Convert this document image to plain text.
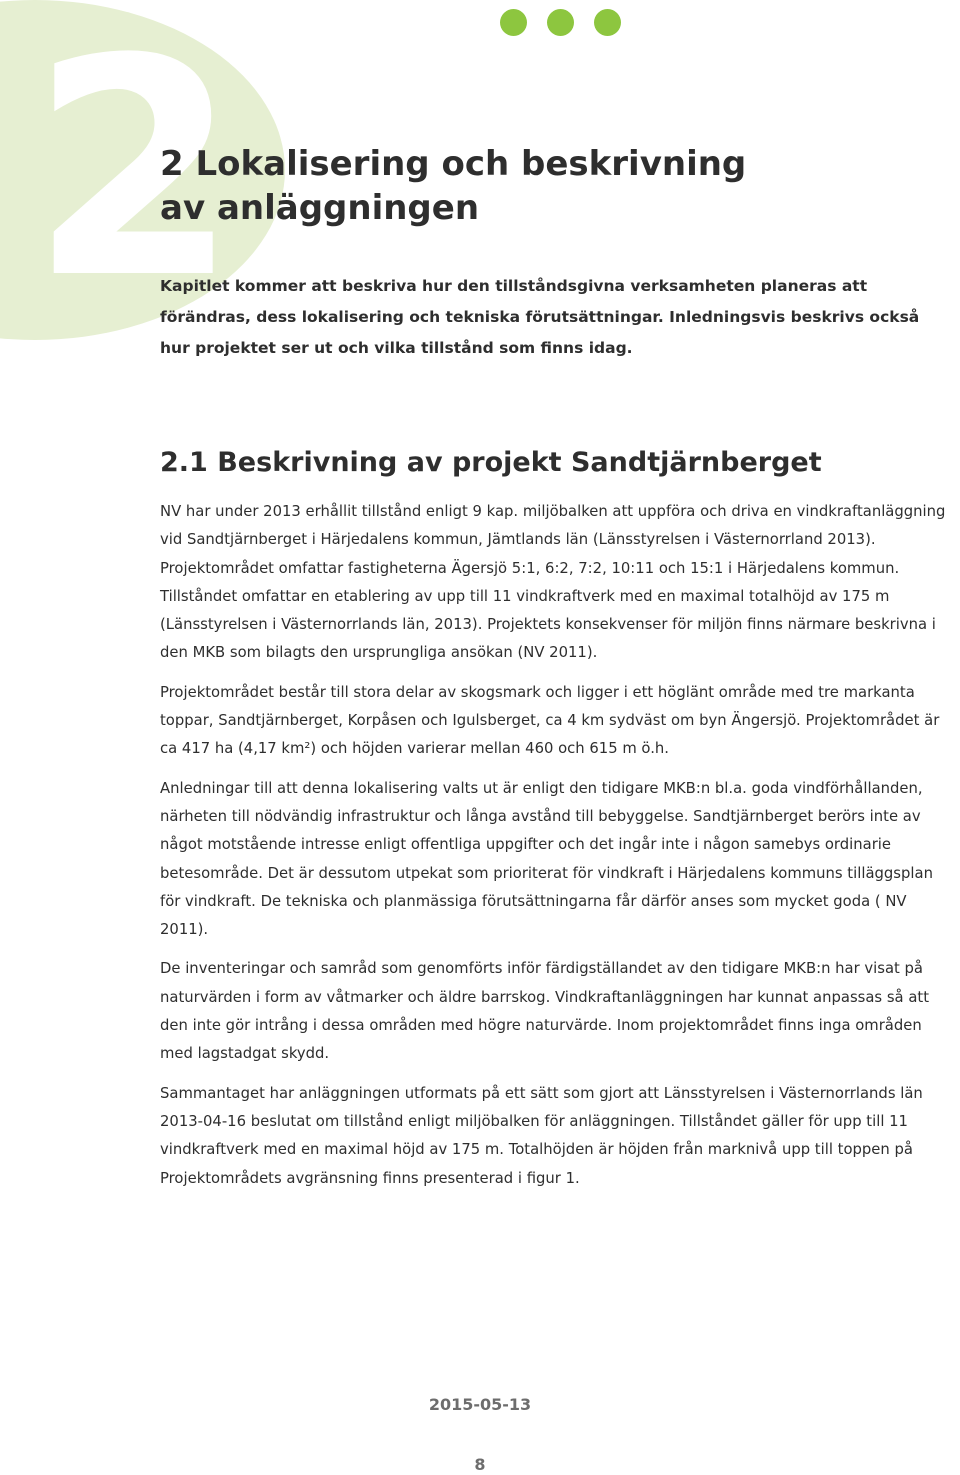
2
2 Lokalisering och beskrivning
av anläggningen

Kapitlet kommer att beskriva hur den tillståndsgivna verksamheten planeras att förändras, dess lokalisering och tekniska förutsättningar. Inledningsvis beskrivs också hur projektet ser ut och vilka tillstånd som finns idag.

2.1 Beskrivning av projekt Sandtjärnberget

NV har under 2013 erhållit tillstånd enligt 9 kap. miljöbalken att uppföra och driva en vindkraftanläggning vid Sandtjärnberget i Härjedalens kommun, Jämtlands län (Länsstyrelsen i Västernorrland 2013). Projektområdet omfattar fastigheterna Ägersjö 5:1, 6:2, 7:2, 10:11 och 15:1 i Härjedalens kommun. Tillståndet omfattar en etablering av upp till 11 vindkraftverk med en maximal totalhöjd av 175 m (Länsstyrelsen i Västernorrlands län, 2013). Projektets konsekvenser för miljön finns närmare beskrivna i den MKB som bilagts den ursprungliga ansökan (NV 2011).

Projektområdet består till stora delar av skogsmark och ligger i ett höglänt område med tre markanta toppar, Sandtjärnberget, Korpåsen och Igulsberget, ca 4 km sydväst om byn Ängersjö. Projektområdet är ca 417 ha (4,17 km²) och höjden varierar mellan 460 och 615 m ö.h.

Anledningar till att denna lokalisering valts ut är enligt den tidigare MKB:n bl.a. goda vindförhållanden, närheten till nödvändig infrastruktur och långa avstånd till bebyggelse. Sandtjärnberget berörs inte av något motstående intresse enligt offentliga uppgifter och det ingår inte i någon samebys ordinarie betesområde. Det är dessutom utpekat som prioriterat för vindkraft i Härjedalens kommuns tilläggsplan för vindkraft. De tekniska och planmässiga förutsättningarna får därför anses som mycket goda ( NV 2011).

De inventeringar och samråd som genomförts inför färdigställandet av den tidigare MKB:n har visat på naturvärden i form av våtmarker och äldre barrskog. Vindkraftanläggningen har kunnat anpassas så att den inte gör intrång i dessa områden med högre naturvärde. Inom projektområdet finns inga områden med lagstadgat skydd.

Sammantaget har anläggningen utformats på ett sätt som gjort att Länsstyrelsen i Västernorrlands län 2013-04-16 beslutat om tillstånd enligt miljöbalken för anläggningen. Tillståndet gäller för upp till 11 vindkraftverk med en maximal höjd av 175 m. Totalhöjden är höjden från marknivå upp till toppen på Projektområdets avgränsning finns presenterad i figur 1.

2015-05-13
8
